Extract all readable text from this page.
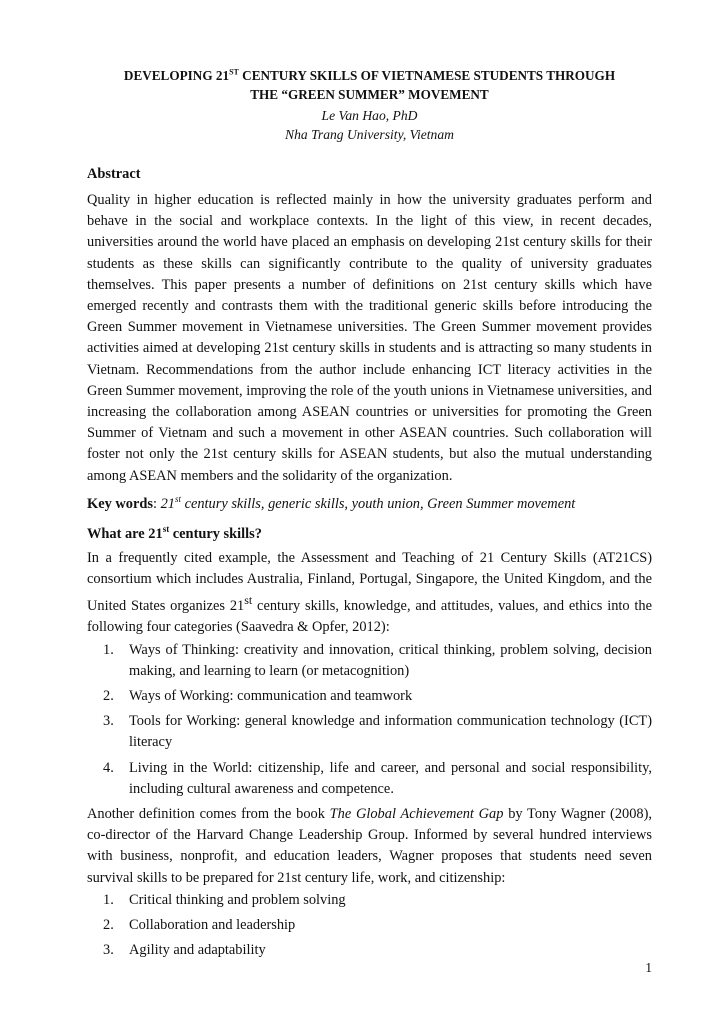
DEVELOPING 21ST CENTURY SKILLS OF VIETNAMESE STUDENTS THROUGH
THE “GREEN SUMMER” MOVEMENT

Le Van Hao, PhD

Nha Trang University, Vietnam

Abstract

Quality in higher education is reflected mainly in how the university graduates perform and behave in the social and workplace contexts. In the light of this view, in recent decades, universities around the world have placed an emphasis on developing 21st century skills for their students as these skills can significantly contribute to the quality of university graduates themselves. This paper presents a number of definitions on 21st century skills which have emerged recently and contrasts them with the traditional generic skills before introducing the Green Summer movement in Vietnamese universities. The Green Summer movement provides activities aimed at developing 21st century skills in students and is attracting so many students in Vietnam. Recommendations from the author include enhancing ICT literacy activities in the Green Summer movement, improving the role of the youth unions in Vietnamese universities, and increasing the collaboration among ASEAN countries or universities for promoting the Green Summer of Vietnam and such a movement in other ASEAN countries. Such collaboration will foster not only the 21st century skills for ASEAN students, but also the mutual understanding among ASEAN members and the solidarity of the organization.

Key words: 21st century skills, generic skills, youth union, Green Summer movement

What are 21st century skills?

In a frequently cited example, the Assessment and Teaching of 21 Century Skills (AT21CS) consortium which includes Australia, Finland, Portugal, Singapore, the United Kingdom, and the United States organizes 21st century skills, knowledge, and attitudes, values, and ethics into the following four categories (Saavedra & Opfer, 2012):

1. Ways of Thinking: creativity and innovation, critical thinking, problem solving, decision making, and learning to learn (or metacognition)
2. Ways of Working: communication and teamwork
3. Tools for Working: general knowledge and information communication technology (ICT) literacy
4. Living in the World: citizenship, life and career, and personal and social responsibility, including cultural awareness and competence.

Another definition comes from the book The Global Achievement Gap by Tony Wagner (2008), co-director of the Harvard Change Leadership Group. Informed by several hundred interviews with business, nonprofit, and education leaders, Wagner proposes that students need seven survival skills to be prepared for 21st century life, work, and citizenship:

1. Critical thinking and problem solving
2. Collaboration and leadership
3. Agility and adaptability
1
